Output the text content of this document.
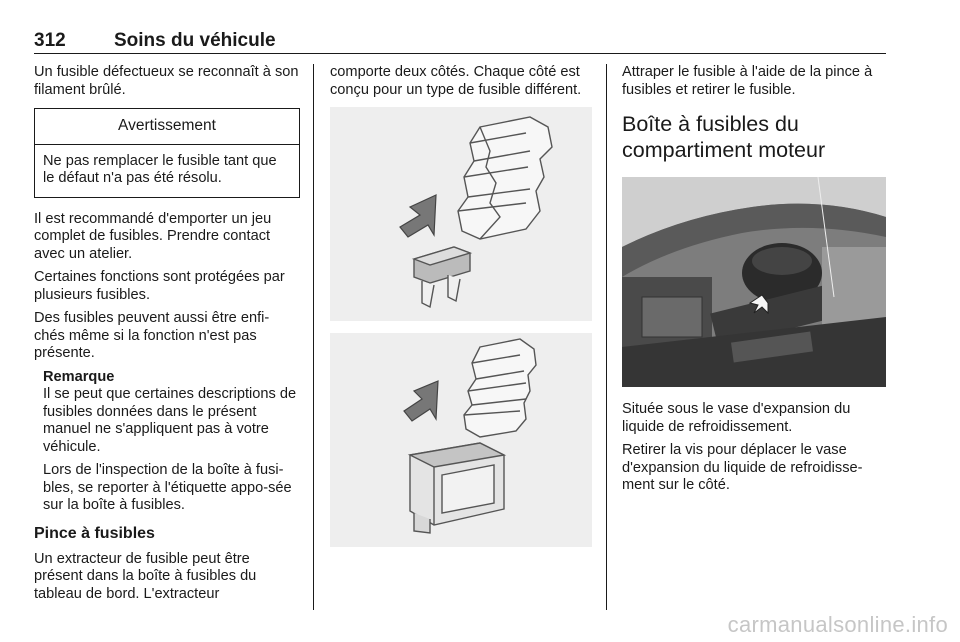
312	Soins du véhicule

Un fusible défectueux se reconnaît à son filament brûlé.

Avertissement
Ne pas remplacer le fusible tant que le défaut n'a pas été résolu.

Il est recommandé d'emporter un jeu complet de fusibles. Prendre contact avec un atelier.

Certaines fonctions sont protégées par plusieurs fusibles.

Des fusibles peuvent aussi être enfi-chés même si la fonction n'est pas présente.

Remarque

Il se peut que certaines descriptions de fusibles données dans le présent manuel ne s'appliquent pas à votre véhicule.

Lors de l'inspection de la boîte à fusi-bles, se reporter à l'étiquette appo-sée sur la boîte à fusibles.

Pince à fusibles

Un extracteur de fusible peut être présent dans la boîte à fusibles du tableau de bord. L'extracteur

comporte deux côtés. Chaque côté est conçu pour un type de fusible différent.

Attraper le fusible à l'aide de la pince à fusibles et retirer le fusible.

Boîte à fusibles du compartiment moteur

Située sous le vase d'expansion du liquide de refroidissement.

Retirer la vis pour déplacer le vase d'expansion du liquide de refroidisse-ment sur le côté.

carmanualsonline.info
